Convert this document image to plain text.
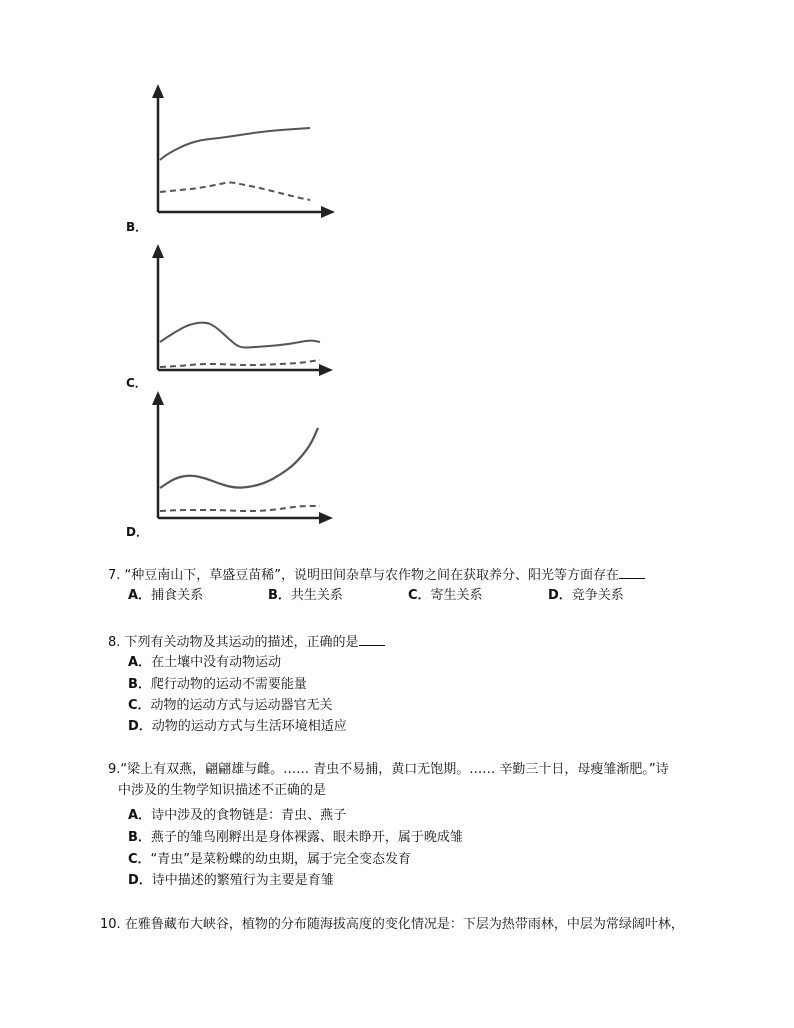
B．
C．
D．
7. “种豆南山下，草盛豆苗稀”，说明田间杂草与农作物之间在获取养分、阳光等方面存在
A．捕食关系	B．共生关系	C．寄生关系	D．竞争关系
8. 下列有关动物及其运动的描述，正确的是
A．在土壤中没有动物运动
B．爬行动物的运动不需要能量
C．动物的运动方式与运动器官无关
D．动物的运动方式与生活环境相适应
9.“梁上有双燕，翩翩雄与雌。…… 青虫不易捕，黄口无饱期。…… 辛勤三十日，母瘦雏渐肥。”诗
中涉及的生物学知识描述不正确的是
A．诗中涉及的食物链是：青虫、燕子
B．燕子的雏鸟刚孵出是身体裸露、眼未睁开，属于晚成雏
C．“青虫”是菜粉蝶的幼虫期，属于完全变态发育
D．诗中描述的繁殖行为主要是育雏
10. 在雅鲁藏布大峡谷，植物的分布随海拔高度的变化情况是：下层为热带雨林，中层为常绿阔叶林，
